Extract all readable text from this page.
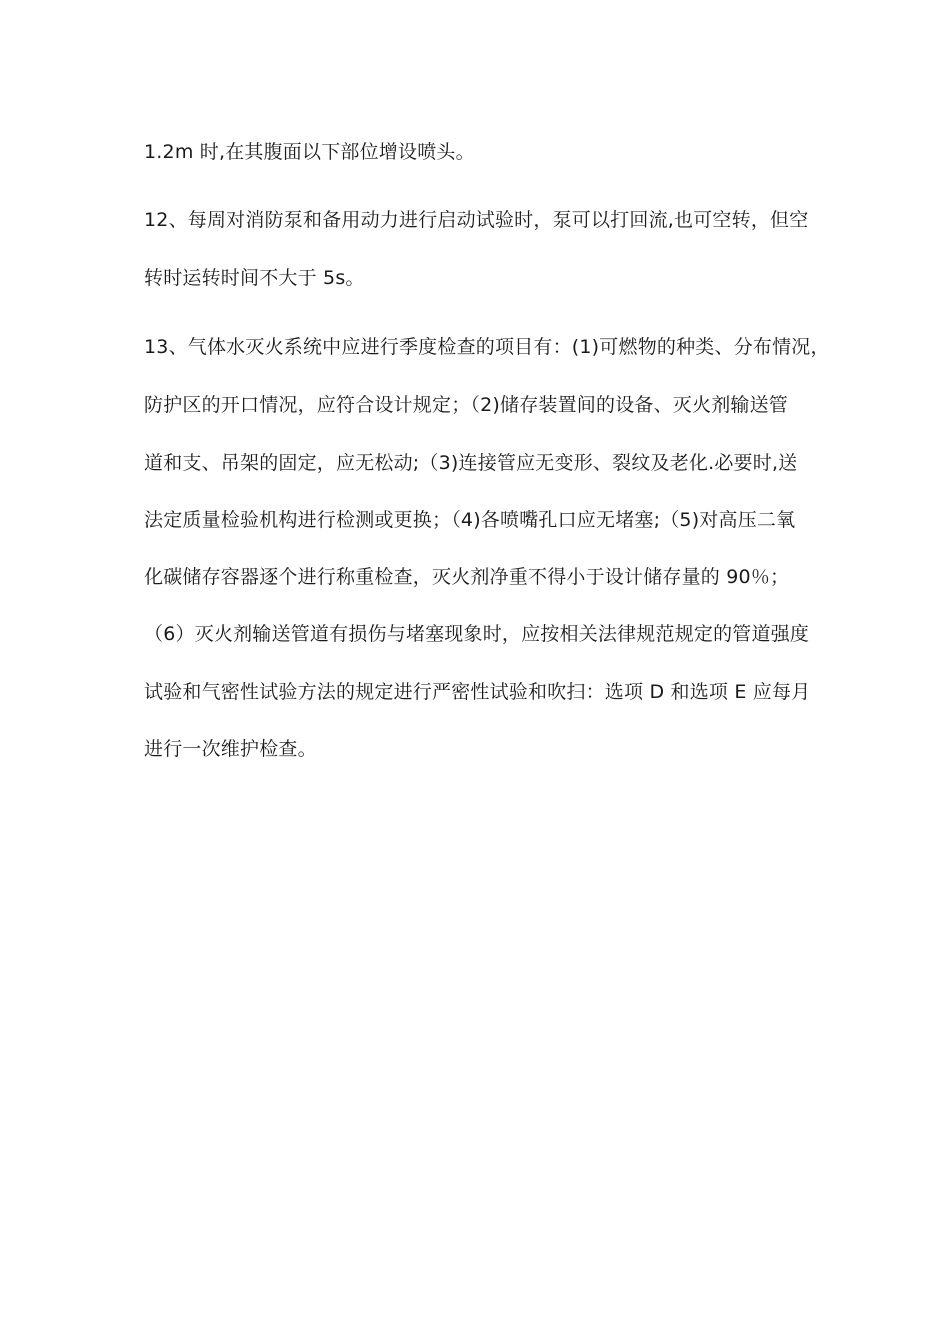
1.2m 时,在其腹面以下部位增设喷头。
12、每周对消防泵和备用动力进行启动试验时，泵可以打回流,也可空转，但空
转时运转时间不大于 5s。
13、气体水灭火系统中应进行季度检查的项目有：(1)可燃物的种类、分布情况，
防护区的开口情况，应符合设计规定；（2)储存装置间的设备、灭火剂输送管
道和支、吊架的固定，应无松动;（3)连接管应无变形、裂纹及老化.必要时,送
法定质量检验机构进行检测或更换；（4)各喷嘴孔口应无堵塞;（5)对高压二氧
化碳储存容器逐个进行称重检查，灭火剂净重不得小于设计储存量的 90％；
（6）灭火剂输送管道有损伤与堵塞现象时，应按相关法律规范规定的管道强度
试验和气密性试验方法的规定进行严密性试验和吹扫：选项 D 和选项 E 应每月
进行一次维护检查。
